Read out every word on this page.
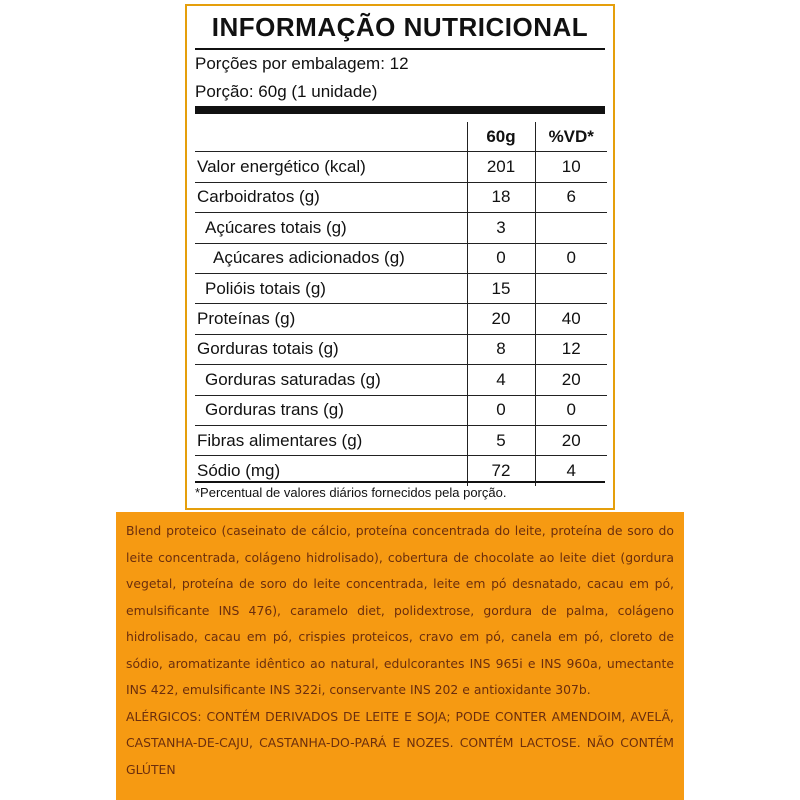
INFORMAÇÃO NUTRICIONAL
Porções por embalagem: 12
Porção: 60g (1 unidade)
	60g	%VD*
Valor energético (kcal)	201	10
Carboidratos (g)	18	6
Açúcares totais (g)	3	
Açúcares adicionados (g)	0	0
Polióis totais (g)	15	
Proteínas (g)	20	40
Gorduras totais (g)	8	12
Gorduras saturadas (g)	4	20
Gorduras trans (g)	0	0
Fibras alimentares (g)	5	20
Sódio (mg)	72	4
*Percentual de valores diários fornecidos pela porção.

Blend proteico (caseinato de cálcio, proteína concentrada do leite, proteína de soro do leite concentrada, colágeno hidrolisado), cobertura de chocolate ao leite diet (gordura vegetal, proteína de soro do leite concentrada, leite em pó desnatado, cacau em pó, emulsificante INS 476), caramelo diet, polidextrose, gordura de palma, colágeno hidrolisado, cacau em pó, crispies proteicos, cravo em pó, canela em pó, cloreto de sódio, aromatizante idêntico ao natural, edulcorantes INS 965i e INS 960a, umectante INS 422, emulsificante INS 322i, conservante INS 202 e antioxidante 307b.

ALÉRGICOS: CONTÉM DERIVADOS DE LEITE E SOJA; PODE CONTER AMENDOIM, AVELÃ, CASTANHA-DE-CAJU, CASTANHA-DO-PARÁ E NOZES. CONTÉM LACTOSE. NÃO CONTÉM GLÚTEN
